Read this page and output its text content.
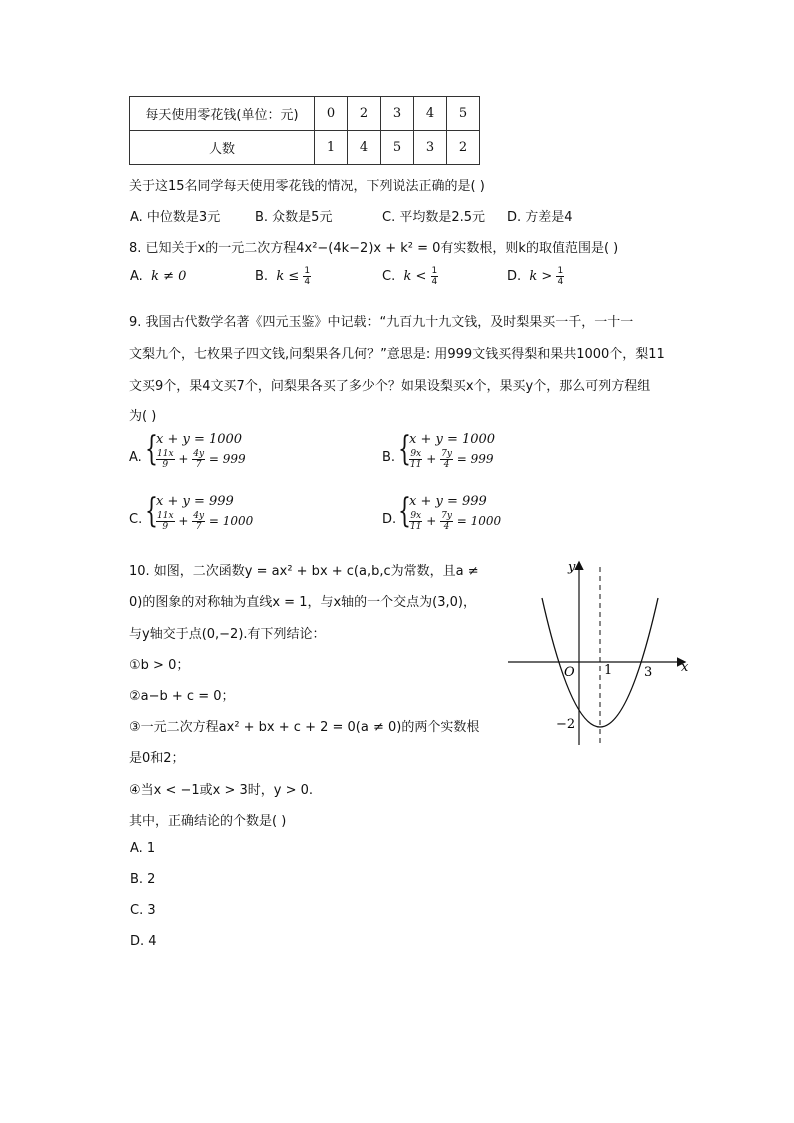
每天使用零花钱(单位：元)	0	2	3	4	5
人数	1	4	5	3	2
关于这15名同学每天使用零花钱的情况，下列说法正确的是( )
A. 中位数是3元	B. 众数是5元	C. 平均数是2.5元 D. 方差是4
8. 已知关于x的一元二次方程4x²−(4k−2)x + k² = 0有实数根，则k的取值范围是( )
A. k ≠ 0	B. $k \le \frac{1}{4}$	C. $k < \frac{1}{4}$	D. $k > \frac{1}{4}$
9. 我国古代数学名著《四元玉鉴》中记载：“九百九十九文钱，及时梨果买一千，一十一
文梨九个，七枚果子四文钱,问梨果各几何？”意思是: 用999文钱买得梨和果共1000个，梨11
文买9个，果4文买7个，问梨果各买了多少个？如果设梨买x个，果买y个，那么可列方程组
为( )
A. {
x + y = 1000
$\frac{11x}{9} + \frac{4y}{7} = 999$	B. {
x + y = 1000
$\frac{9x}{11} + \frac{7y}{4} = 999$
C. {
x + y = 999
$\frac{11x}{9} + \frac{4y}{7} = 1000$	D. {
x + y = 999
$\frac{9x}{11} + \frac{7y}{4} = 1000$
10. 如图，二次函数y = ax² + bx + c(a,b,c为常数，且a ≠
0)的图象的对称轴为直线x = 1，与x轴的一个交点为(3,0)，
与y轴交于点(0,−2).有下列结论：
①b > 0；
②a−b + c = 0；
③一元二次方程ax² + bx + c + 2 = 0(a ≠ 0)的两个实数根
是0和2；
④当x < −1或x > 3时，y > 0.
其中，正确结论的个数是( )
A. 1
B. 2
C. 3
D. 4
y
x
O 1 3
−2
